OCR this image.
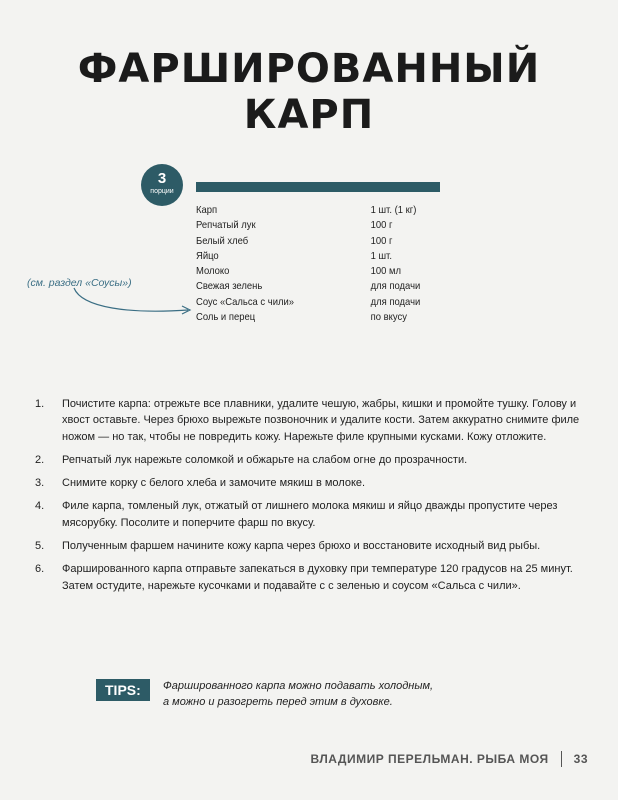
ФАРШИРОВАННЫЙ
КАРП
3
порции
Карп	1 шт. (1 кг)
Репчатый лук	100 г
Белый хлеб	100 г
Яйцо	1 шт.
Молоко	100 мл
Свежая зелень	для подачи
Соус «Сальса с чили»	для подачи
Соль и перец	по вкусу
(см. раздел «Соусы»)
1.	Почистите карпа: отрежьте все плавники, удалите чешую, жабры, кишки и промойте тушку. Голову и хвост оставьте. Через брюхо вырежьте позвоночник и удалите кости. Затем аккуратно снимите филе ножом — но так, чтобы не повредить кожу. Нарежьте филе крупными кусками. Кожу отложите.
2.	Репчатый лук нарежьте соломкой и обжарьте на слабом огне до прозрачности.
3.	Снимите корку с белого хлеба и замочите мякиш в молоке.
4.	Филе карпа, томленый лук, отжатый от лишнего молока мякиш и яйцо дважды пропустите через мясорубку. Посолите и поперчите фарш по вкусу.
5.	Полученным фаршем начините кожу карпа через брюхо и восстановите исходный вид рыбы.
6.	Фаршированного карпа отправьте запекаться в духовку при температуре 120 градусов на 25 минут. Затем остудите, нарежьте кусочками и подавайте с с зеленью и соусом «Сальса с чили».
TIPS:	Фаршированного карпа можно подавать холодным,
а можно и разогреть перед этим в духовке.
ВЛАДИМИР ПЕРЕЛЬМАН. РЫБА МОЯ 33
